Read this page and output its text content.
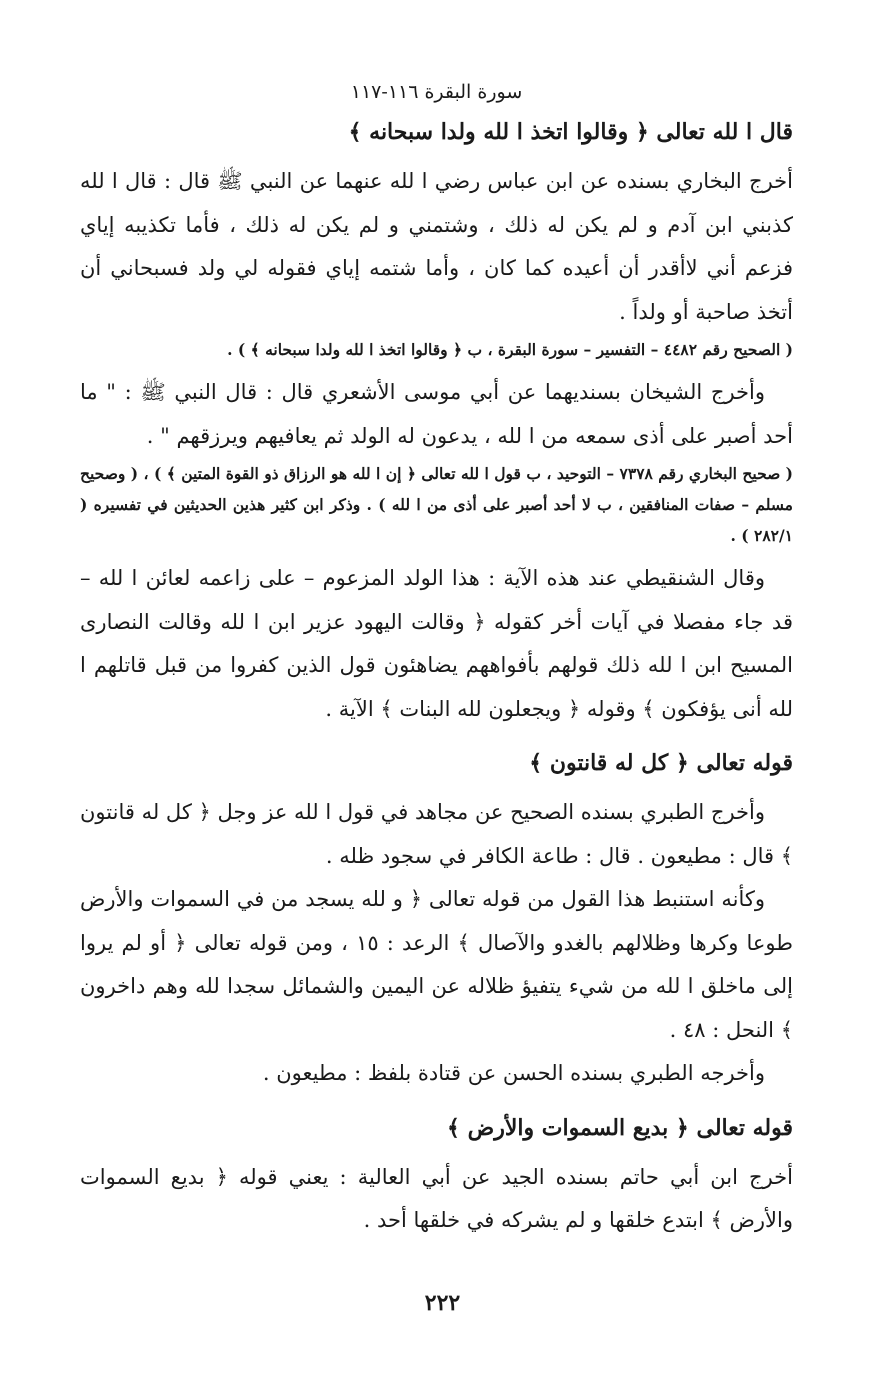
سورة البقرة ١١٦-١١٧
قال ا لله تعالى ﴿ وقالوا اتخذ ا لله ولدا سبحانه ﴾

أخرج البخاري بسنده عن ابن عباس رضي ا لله عنهما عن النبي ﷺ قال : قال ا لله كذبني ابن آدم و لم يكن له ذلك ، وشتمني و لم يكن له ذلك ، فأما تكذيبه إياي فزعم أني لاأقدر أن أعيده كما كان ، وأما شتمه إياي فقوله لي ولد فسبحاني أن أتخذ صاحبة أو ولداً .

( الصحيح رقم ٤٤٨٢ – التفسير – سورة البقرة ، ب ﴿ وقالوا اتخذ ا لله ولدا سبحانه ﴾ ) .

وأخرج الشيخان بسنديهما عن أبي موسى الأشعري قال : قال النبي ﷺ : " ما أحد أصبر على أذى سمعه من ا لله ، يدعون له الولد ثم يعافيهم ويرزقهم " .

( صحيح البخاري رقم ٧٣٧٨ – التوحيد ، ب قول ا لله تعالى ﴿ إن ا لله هو الرزاق ذو القوة المتين ﴾ ) ، ( وصحيح مسلم – صفات المنافقين ، ب لا أحد أصبر على أذى من ا لله ) . وذكر ابن كثير هذين الحديثين في تفسيره ( ٢٨٢/١ ) .

وقال الشنقيطي عند هذه الآية : هذا الولد المزعوم – على زاعمه لعائن ا لله – قد جاء مفصلا في آيات أخر كقوله ﴿ وقالت اليهود عزير ابن ا لله وقالت النصارى المسيح ابن ا لله ذلك قولهم بأفواههم يضاهئون قول الذين كفروا من قبل قاتلهم ا لله أنى يؤفكون ﴾ وقوله ﴿ ويجعلون لله البنات ﴾ الآية .

قوله تعالى ﴿ كل له قانتون ﴾

وأخرج الطبري بسنده الصحيح عن مجاهد في قول ا لله عز وجل ﴿ كل له قانتون ﴾ قال : مطيعون . قال : طاعة الكافر في سجود ظله .

وكأنه استنبط هذا القول من قوله تعالى ﴿ و لله يسجد من في السموات والأرض طوعا وكرها وظلالهم بالغدو والآصال ﴾ الرعد : ١٥ ، ومن قوله تعالى ﴿ أو لم يروا إلى ماخلق ا لله من شيء يتفيؤ ظلاله عن اليمين والشمائل سجدا لله وهم داخرون ﴾ النحل : ٤٨ .

وأخرجه الطبري بسنده الحسن عن قتادة بلفظ : مطيعون .

قوله تعالى ﴿ بديع السموات والأرض ﴾

أخرج ابن أبي حاتم بسنده الجيد عن أبي العالية : يعني قوله ﴿ بديع السموات والأرض ﴾ ابتدع خلقها و لم يشركه في خلقها أحد .

٢٢٢
